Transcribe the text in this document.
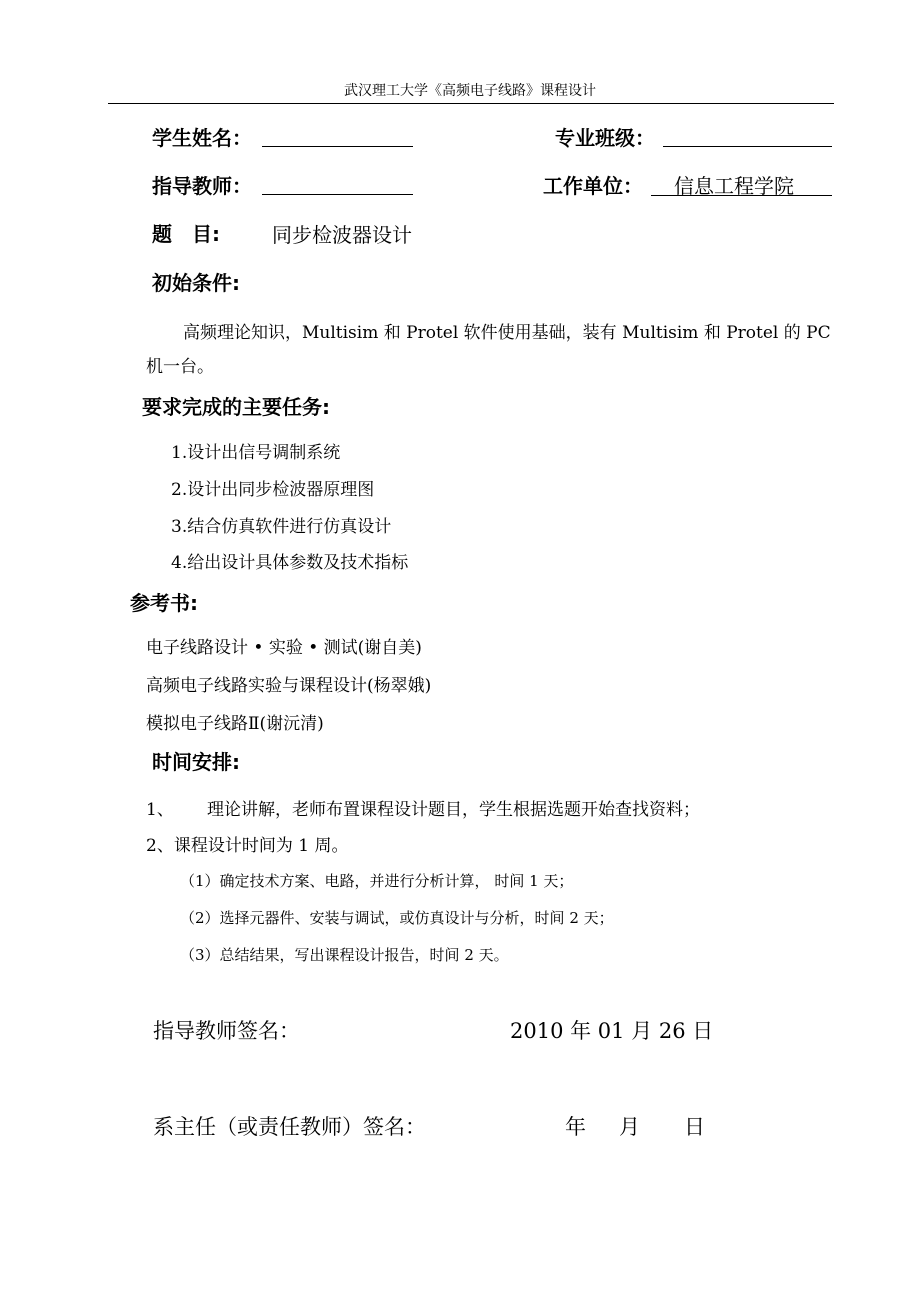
武汉理工大学《高频电子线路》课程设计
学生姓名：	专业班级：
指导教师：	工作单位： 信息工程学院
题　目:	同步检波器设计
初始条件:
高频理论知识，Multisim 和 Protel 软件使用基础，装有 Multisim 和 Protel 的 PC
机一台。
要求完成的主要任务:
1.设计出信号调制系统
2.设计出同步检波器原理图
3.结合仿真软件进行仿真设计
4.给出设计具体参数及技术指标
参考书:
电子线路设计 • 实验 • 测试(谢自美)
高频电子线路实验与课程设计(杨翠娥)
模拟电子线路Ⅱ(谢沅清)
时间安排:
1、 理论讲解，老师布置课程设计题目，学生根据选题开始查找资料；
2、课程设计时间为 1 周。
（1）确定技术方案、电路，并进行分析计算， 时间 1 天；
（2）选择元器件、安装与调试，或仿真设计与分析，时间 2 天；
（3）总结结果，写出课程设计报告，时间 2 天。
指导教师签名：	2010 年 01 月 26 日
系主任（或责任教师）签名：	年 月 日
